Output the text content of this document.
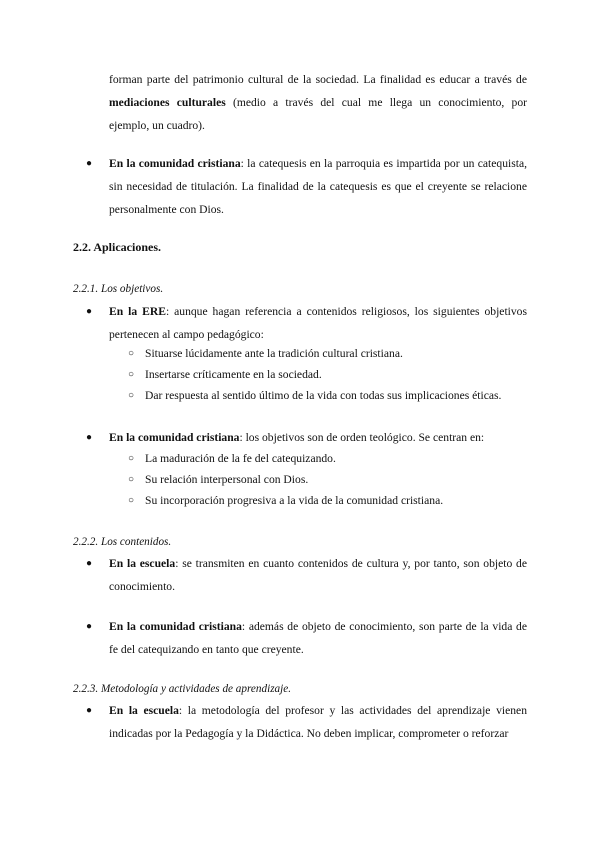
forman parte del patrimonio cultural de la sociedad. La finalidad es educar a través de
mediaciones culturales (medio a través del cual me llega un conocimiento, por
ejemplo, un cuadro).
● En la comunidad cristiana: la catequesis en la parroquia es impartida por un catequista, sin necesidad de titulación. La finalidad de la catequesis es que el creyente se relacione personalmente con Dios.
2.2. Aplicaciones.
2.2.1. Los objetivos.
● En la ERE: aunque hagan referencia a contenidos religiosos, los siguientes objetivos pertenecen al campo pedagógico:
○ Situarse lúcidamente ante la tradición cultural cristiana.
○ Insertarse críticamente en la sociedad.
○ Dar respuesta al sentido último de la vida con todas sus implicaciones éticas.
● En la comunidad cristiana: los objetivos son de orden teológico. Se centran en:
○ La maduración de la fe del catequizando.
○ Su relación interpersonal con Dios.
○ Su incorporación progresiva a la vida de la comunidad cristiana.
2.2.2. Los contenidos.
● En la escuela: se transmiten en cuanto contenidos de cultura y, por tanto, son objeto de conocimiento.
● En la comunidad cristiana: además de objeto de conocimiento, son parte de la vida de fe del catequizando en tanto que creyente.
2.2.3. Metodología y actividades de aprendizaje.
● En la escuela: la metodología del profesor y las actividades del aprendizaje vienen indicadas por la Pedagogía y la Didáctica. No deben implicar, comprometer o reforzar
